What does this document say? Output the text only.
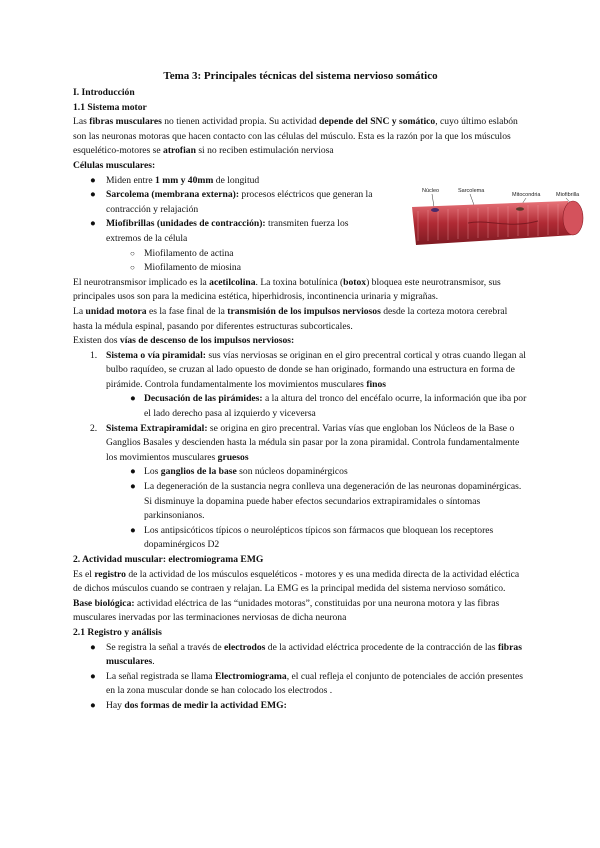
Tema 3: Principales técnicas del sistema nervioso somático

I. Introducción

1.1 Sistema motor

Las fibras musculares no tienen actividad propia. Su actividad depende del SNC y somático, cuyo último eslabón son las neuronas motoras que hacen contacto con las células del músculo. Esta es la razón por la que los músculos esquelético-motores se atrofian si no reciben estimulación nerviosa

Células musculares:

● Miden entre 1 mm y 40mm de longitud
● Sarcolema (membrana externa): procesos eléctricos que generan la contracción y relajación
● Miofibrillas (unidades de contracción): transmiten fuerza los extremos de la célula
○ Miofilamento de actina
○ Miofilamento de miosina

El neurotransmisor implicado es la acetilcolina. La toxina botulínica (botox) bloquea este neurotransmisor, sus principales usos son para la medicina estética, hiperhidrosis, incontinencia urinaria y migrañas.

La unidad motora es la fase final de la transmisión de los impulsos nerviosos desde la corteza motora cerebral hasta la médula espinal, pasando por diferentes estructuras subcorticales.

Existen dos vías de descenso de los impulsos nerviosos:

1. Sistema o vía piramidal: sus vías nerviosas se originan en el giro precentral cortical y otras cuando llegan al bulbo raquídeo, se cruzan al lado opuesto de donde se han originado, formando una estructura en forma de pirámide. Controla fundamentalmente los movimientos musculares finos
● Decusación de las pirámides: a la altura del tronco del encéfalo ocurre, la información que iba por el lado derecho pasa al izquierdo y viceversa
2. Sistema Extrapiramidal: se origina en giro precentral. Varias vías que engloban los Núcleos de la Base o Ganglios Basales y descienden hasta la médula sin pasar por la zona piramidal. Controla fundamentalmente los movimientos musculares gruesos
● Los ganglios de la base son núcleos dopaminérgicos
● La degeneración de la sustancia negra conlleva una degeneración de las neuronas dopaminérgicas. Si disminuye la dopamina puede haber efectos secundarios extrapiramidales o síntomas parkinsonianos.
● Los antipsicóticos típicos o neurolépticos típicos son fármacos que bloquean los receptores dopaminérgicos D2

2. Actividad muscular: electromiograma EMG

Es el registro de la actividad de los músculos esqueléticos - motores y es una medida directa de la actividad eléctica de dichos músculos cuando se contraen y relajan. La EMG es la principal medida del sistema nervioso somático.

Base biológica: actividad eléctrica de las “unidades motoras”, constituidas por una neurona motora y las fibras musculares inervadas por las terminaciones nerviosas de dicha neurona

2.1 Registro y análisis

● Se registra la señal a través de electrodos de la actividad eléctrica procedente de la contracción de las fibras musculares.
● La señal registrada se llama Electromiograma, el cual refleja el conjunto de potenciales de acción presentes en la zona muscular donde se han colocado los electrodos .
● Hay dos formas de medir la actividad EMG:
Núcleo	Sarcolema
Mitocondria	Miofibrilla
